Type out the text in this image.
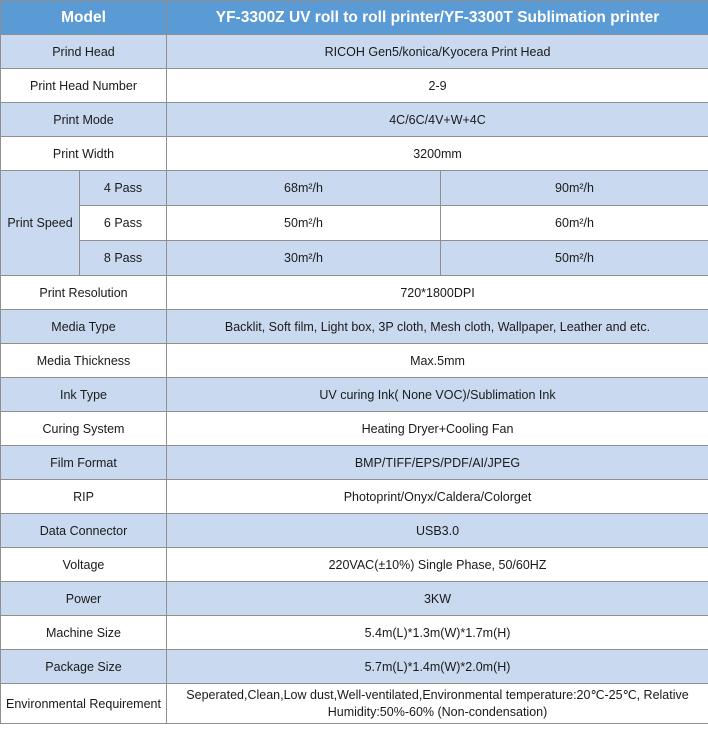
Model		YF-3300Z UV roll to roll printer/YF-3300T Sublimation printer	
Prind Head		RICOH Gen5/konica/Kyocera Print Head	
Print Head Number		2-9	
Print Mode		4C/6C/4V+W+4C	
Print Width		3200mm	
Print Speed	4 Pass	68m²/h	90m²/h
	6 Pass	50m²/h	60m²/h
	8 Pass	30m²/h	50m²/h
Print Resolution		720*1800DPI	
Media Type		Backlit, Soft film, Light box, 3P cloth, Mesh cloth, Wallpaper, Leather and etc.	
Media Thickness		Max.5mm	
Ink Type		UV curing Ink( None VOC)/Sublimation Ink	
Curing System		Heating Dryer+Cooling Fan	
Film Format		BMP/TIFF/EPS/PDF/AI/JPEG	
RIP		Photoprint/Onyx/Caldera/Colorget	
Data Connector		USB3.0	
Voltage		220VAC(±10%) Single Phase, 50/60HZ	
Power		3KW	
Machine Size		5.4m(L)*1.3m(W)*1.7m(H)	
Package Size		5.7m(L)*1.4m(W)*2.0m(H)	
Environmental Requirement		Seperated,Clean,Low dust,Well-ventilated,Environmental temperature:20℃-25℃, Relative Humidity:50%-60% (Non-condensation)	
